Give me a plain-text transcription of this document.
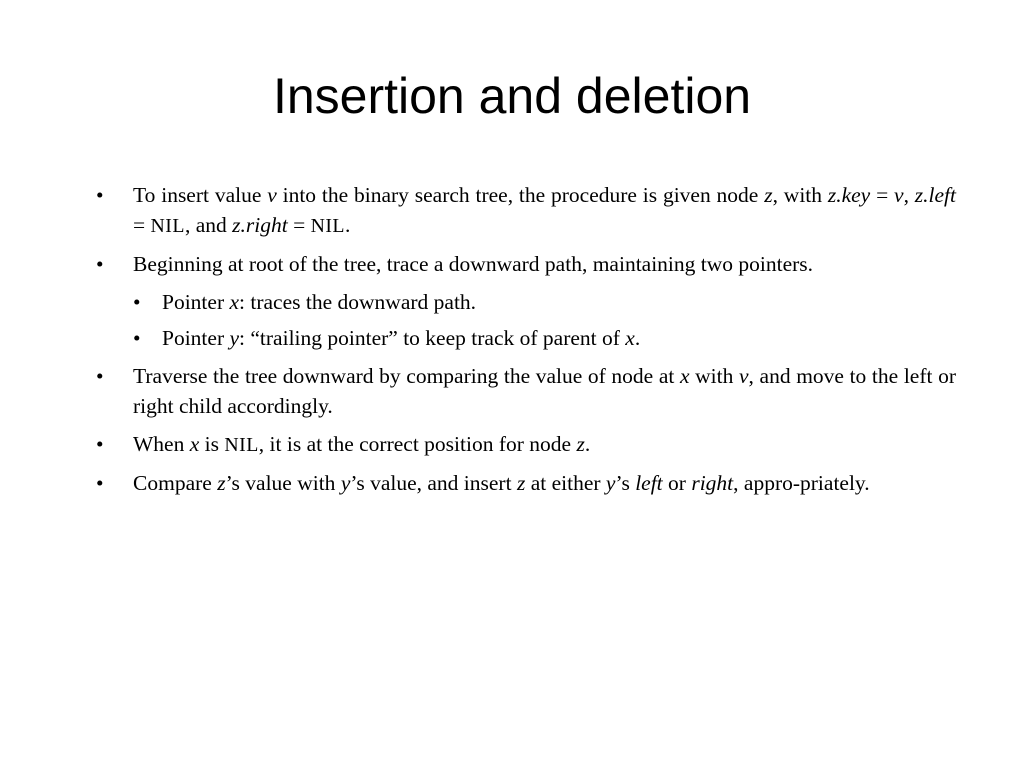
Insertion and deletion
• To insert value ν into the binary search tree, the procedure is given node z, with z.key = ν, z.left = NIL, and z.right = NIL.
• Beginning at root of the tree, trace a downward path, maintaining two pointers.
• Pointer x: traces the downward path.
• Pointer y: “trailing pointer” to keep track of parent of x.
• Traverse the tree downward by comparing the value of node at x with ν, and move to the left or right child accordingly.
• When x is NIL, it is at the correct position for node z.
• Compare z’s value with y’s value, and insert z at either y’s left or right, appro-priately.
